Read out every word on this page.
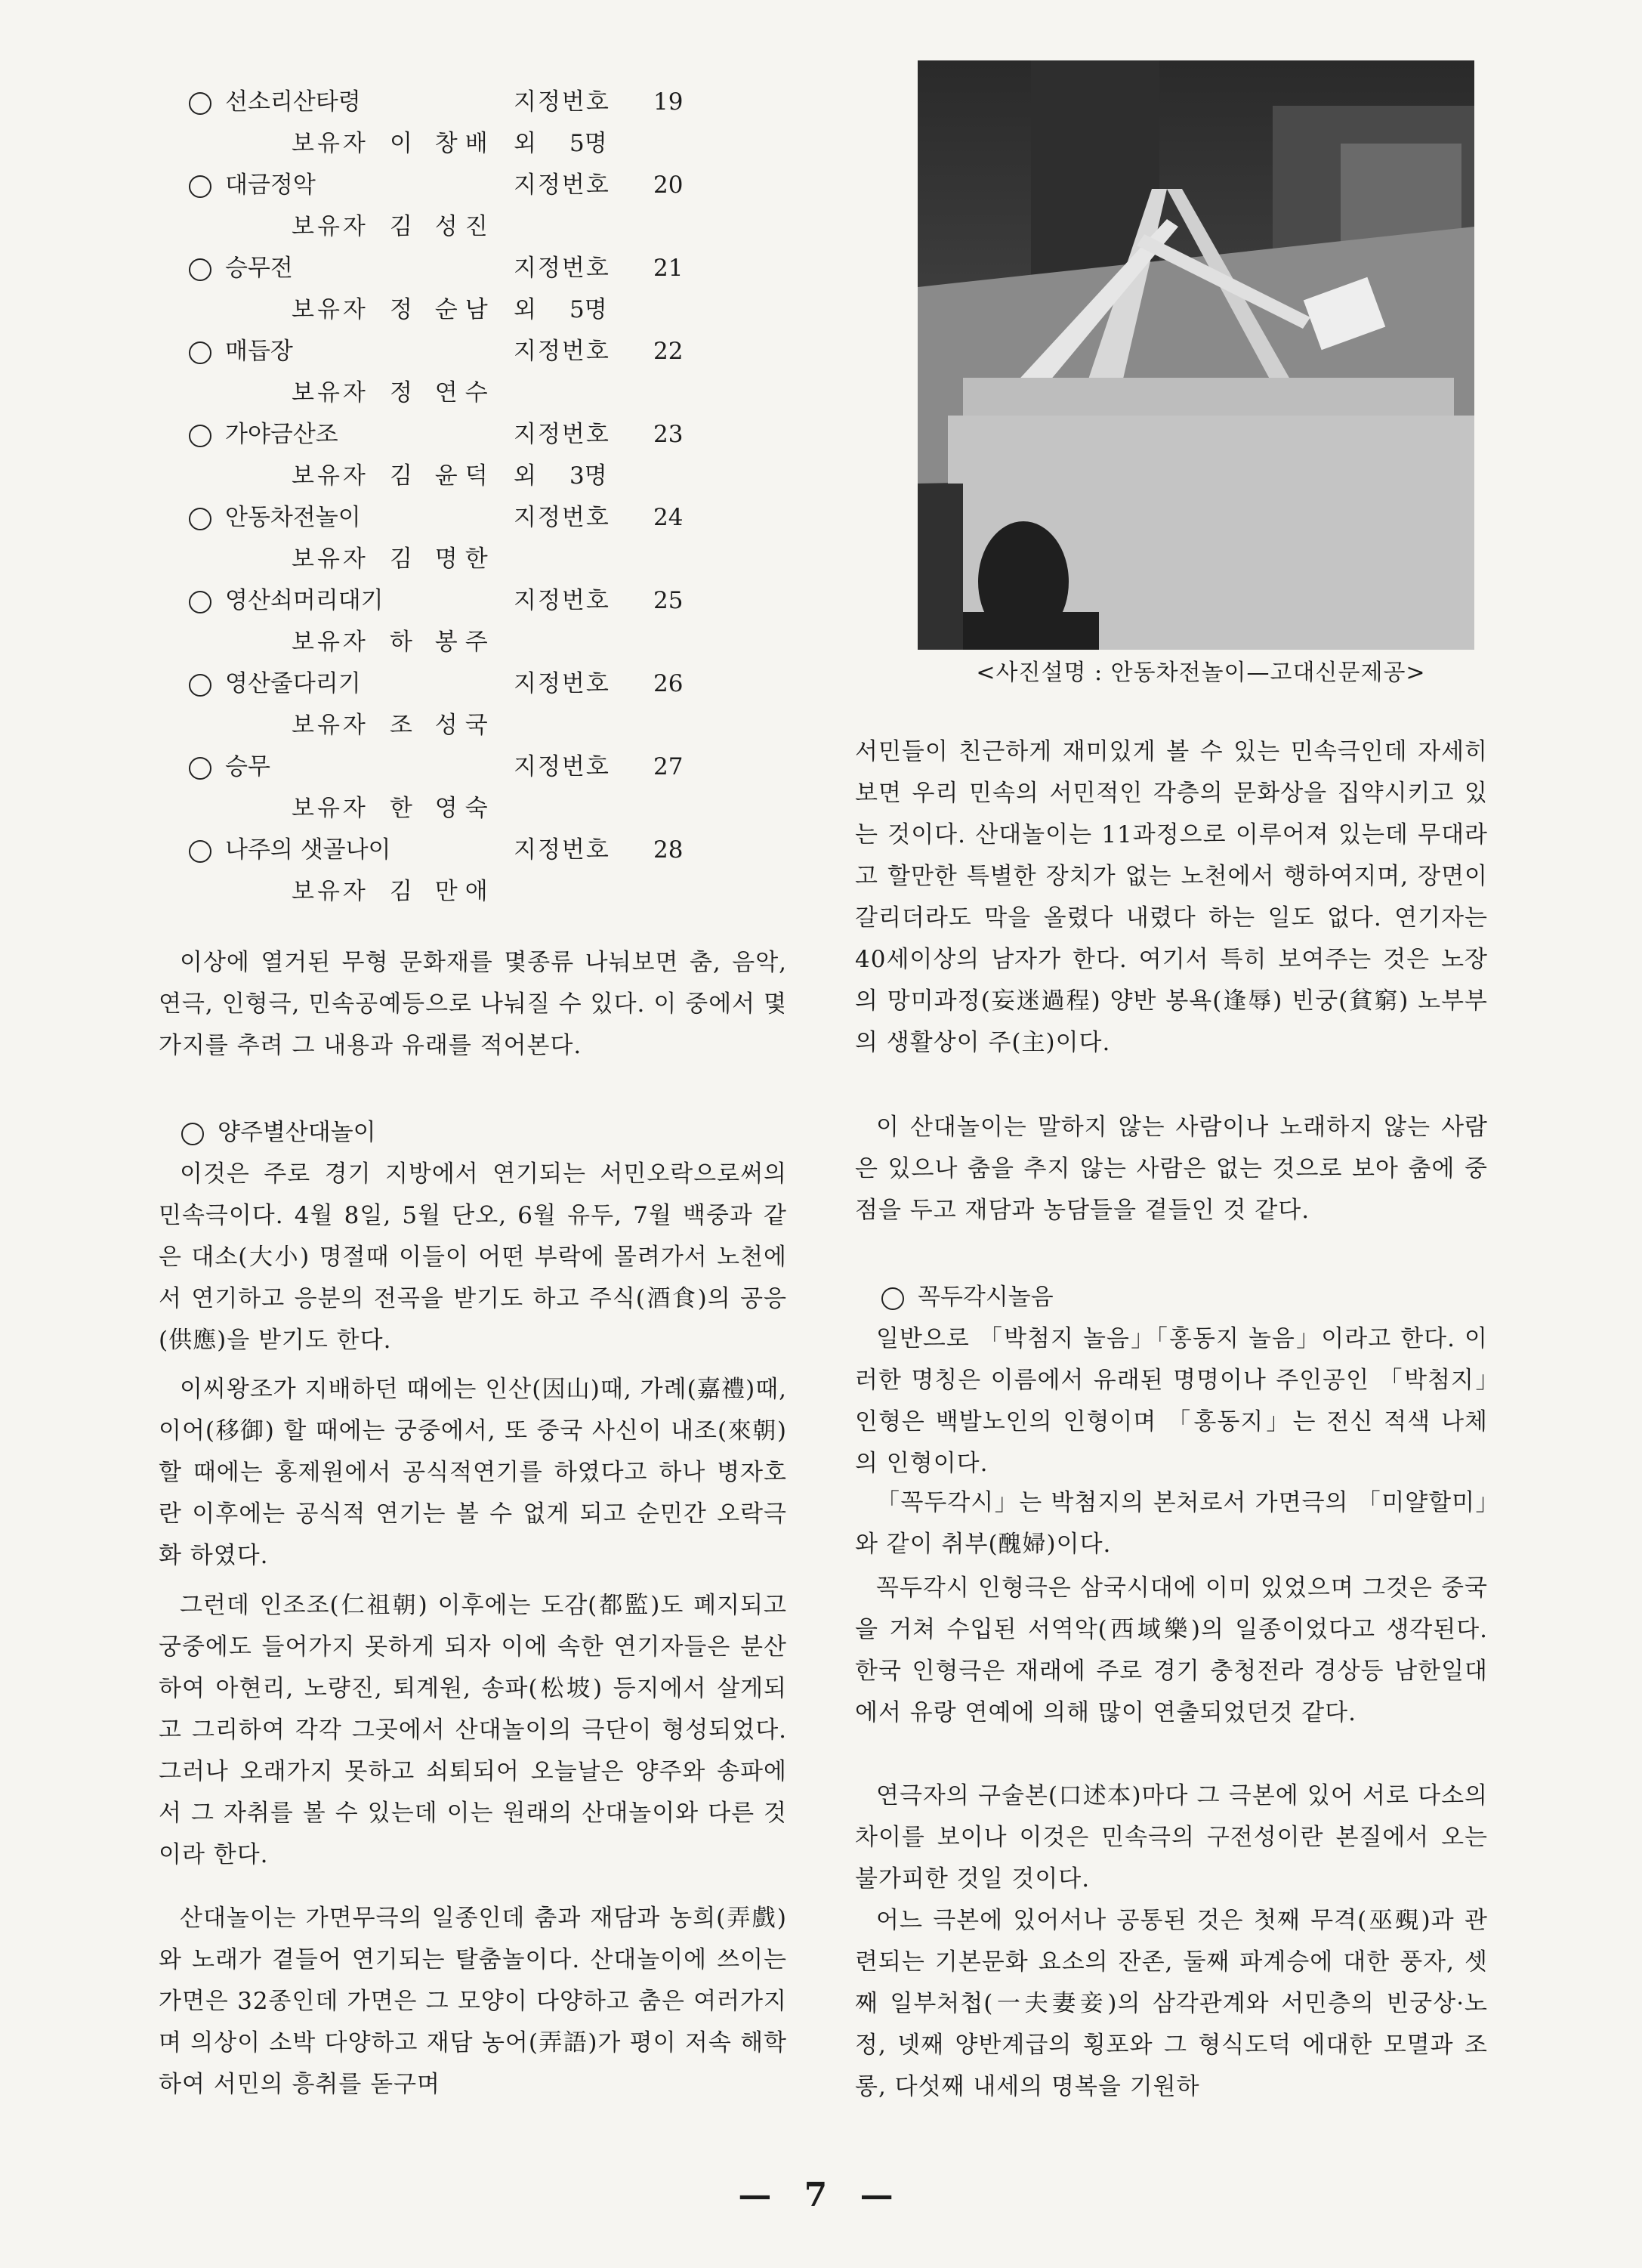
선소리산타령	지정번호 19
보유자 이 창배 외 5명
대금정악	지정번호 20
보유자 김 성진
승무전	지정번호 21
보유자 정 순남 외 5명
매듭장	지정번호 22
보유자 정 연수
가야금산조	지정번호 23
보유자 김 윤덕 외 3명
안동차전놀이	지정번호 24
보유자 김 명한
영산쇠머리대기	지정번호 25
보유자 하 봉주
영산줄다리기	지정번호 26
보유자 조 성국
승무	지정번호 27
보유자 한 영숙
나주의 샛골나이	지정번호 28
보유자 김 만애

이상에 열거된 무형 문화재를 몇종류 나눠보면 춤, 음악, 연극, 인형극, 민속공예등으로 나눠질 수 있다. 이 중에서 몇가지를 추려 그 내용과 유래를 적어본다.

양주별산대놀이

이것은 주로 경기 지방에서 연기되는 서민오락으로써의 민속극이다. 4월 8일, 5월 단오, 6월 유두, 7월 백중과 같은 대소(大小) 명절때 이들이 어떤 부락에 몰려가서 노천에서 연기하고 응분의 전곡을 받기도 하고 주식(酒食)의 공응(供應)을 받기도 한다.

이씨왕조가 지배하던 때에는 인산(因山)때, 가례(嘉禮)때, 이어(移御) 할 때에는 궁중에서, 또 중국 사신이 내조(來朝)할 때에는 홍제원에서 공식적연기를 하였다고 하나 병자호란 이후에는 공식적 연기는 볼 수 없게 되고 순민간 오락극화 하였다.

그런데 인조조(仁祖朝) 이후에는 도감(都監)도 폐지되고 궁중에도 들어가지 못하게 되자 이에 속한 연기자들은 분산하여 아현리, 노량진, 퇴계원, 송파(松坡) 등지에서 살게되고 그리하여 각각 그곳에서 산대놀이의 극단이 형성되었다. 그러나 오래가지 못하고 쇠퇴되어 오늘날은 양주와 송파에서 그 자취를 볼 수 있는데 이는 원래의 산대놀이와 다른 것이라 한다.

산대놀이는 가면무극의 일종인데 춤과 재담과 농희(弄戲)와 노래가 곁들어 연기되는 탈춤놀이다. 산대놀이에 쓰이는 가면은 32종인데 가면은 그 모양이 다양하고 춤은 여러가지며 의상이 소박 다양하고 재담 농어(弄語)가 평이 저속 해학하여 서민의 흥취를 돋구며

<사진설명 : 안동차전놀이—고대신문제공>

서민들이 친근하게 재미있게 볼 수 있는 민속극인데 자세히 보면 우리 민속의 서민적인 각층의 문화상을 집약시키고 있는 것이다. 산대놀이는 11과정으로 이루어져 있는데 무대라고 할만한 특별한 장치가 없는 노천에서 행하여지며, 장면이 갈리더라도 막을 올렸다 내렸다 하는 일도 없다. 연기자는 40세이상의 남자가 한다. 여기서 특히 보여주는 것은 노장의 망미과정(妄迷過程) 양반 봉욕(逢辱) 빈궁(貧窮) 노부부의 생활상이 주(主)이다.

이 산대놀이는 말하지 않는 사람이나 노래하지 않는 사람은 있으나 춤을 추지 않는 사람은 없는 것으로 보아 춤에 중점을 두고 재담과 농담들을 곁들인 것 같다.

꼭두각시놀음

일반으로 「박첨지 놀음」「홍동지 놀음」이라고 한다. 이러한 명칭은 이름에서 유래된 명명이나 주인공인 「박첨지」인형은 백발노인의 인형이며 「홍동지」는 전신 적색 나체의 인형이다.

「꼭두각시」는 박첨지의 본처로서 가면극의 「미얄할미」와 같이 취부(醜婦)이다.

꼭두각시 인형극은 삼국시대에 이미 있었으며 그것은 중국을 거쳐 수입된 서역악(西域樂)의 일종이었다고 생각된다. 한국 인형극은 재래에 주로 경기 충청전라 경상등 남한일대에서 유랑 연예에 의해 많이 연출되었던것 같다.

연극자의 구술본(口述本)마다 그 극본에 있어 서로 다소의 차이를 보이나 이것은 민속극의 구전성이란 본질에서 오는 불가피한 것일 것이다.

어느 극본에 있어서나 공통된 것은 첫째 무격(巫覡)과 관련되는 기본문화 요소의 잔존, 둘째 파계승에 대한 풍자, 셋째 일부처첩(一夫妻妾)의 삼각관계와 서민층의 빈궁상·노정, 넷째 양반계급의 횡포와 그 형식도덕 에대한 모멸과 조롱, 다섯째 내세의 명복을 기원하

— 7 —
